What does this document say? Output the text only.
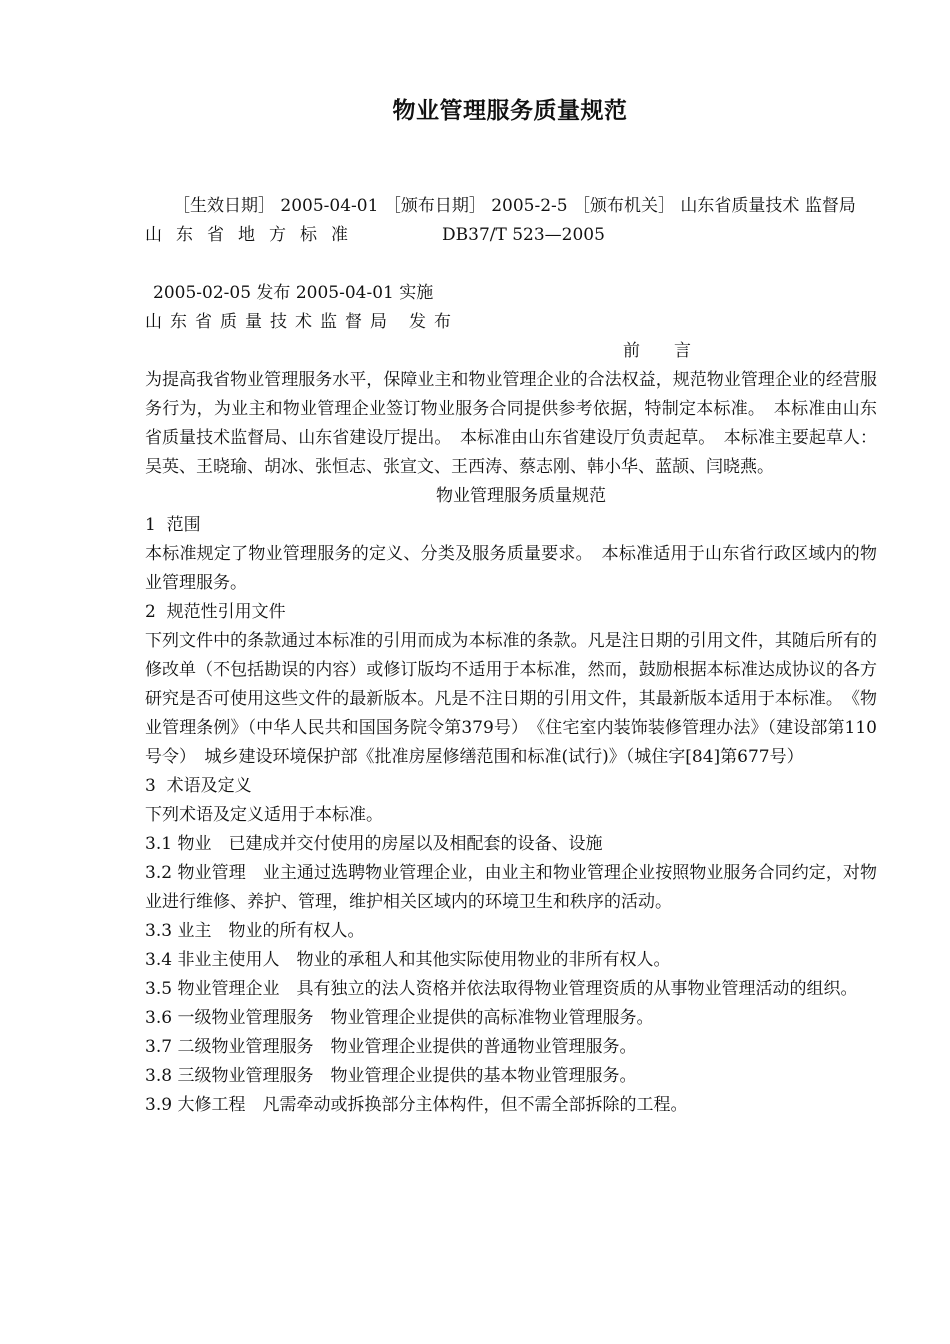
物业管理服务质量规范
［生效日期］ 2005-04-01 ［颁布日期］ 2005-2-5 ［颁布机关］ 山东省质量技术 监督局
山东省地方标准	DB37/T 523—2005
2005-02-05 发布 2005-04-01 实施
山东省质量技术监督局 发布
前　　言
为提高我省物业管理服务水平，保障业主和物业管理企业的合法权益，规范物业管理企业的经营服务行为，为业主和物业管理企业签订物业服务合同提供参考依据，特制定本标准。　本标准由山东省质量技术监督局、山东省建设厅提出。　本标准由山东省建设厅负责起草。　本标准主要起草人：吴英、王晓瑜、胡冰、张恒志、张宣文、王西涛、蔡志刚、韩小华、蓝颉、闫晓燕。
物业管理服务质量规范
1  范围
本标准规定了物业管理服务的定义、分类及服务质量要求。　本标准适用于山东省行政区域内的物业管理服务。
2  规范性引用文件
下列文件中的条款通过本标准的引用而成为本标准的条款。凡是注日期的引用文件，其随后所有的修改单（不包括勘误的内容）或修订版均不适用于本标准，然而，鼓励根据本标准达成协议的各方研究是否可使用这些文件的最新版本。凡是不注日期的引用文件，其最新版本适用于本标准。　《物业管理条例》（中华人民共和国国务院令第379号）　《住宅室内装饰装修管理办法》（建设部第110号令）　城乡建设环境保护部《批准房屋修缮范围和标准(试行)》（城住字[84]第677号）
3  术语及定义
下列术语及定义适用于本标准。
3.1 物业　已建成并交付使用的房屋以及相配套的设备、设施
3.2 物业管理　业主通过选聘物业管理企业，由业主和物业管理企业按照物业服务合同约定，对物业进行维修、养护、管理，维护相关区域内的环境卫生和秩序的活动。
3.3 业主　物业的所有权人。
3.4 非业主使用人　物业的承租人和其他实际使用物业的非所有权人。
3.5 物业管理企业　具有独立的法人资格并依法取得物业管理资质的从事物业管理活动的组织。
3.6 一级物业管理服务　物业管理企业提供的高标准物业管理服务。
3.7 二级物业管理服务　物业管理企业提供的普通物业管理服务。
3.8 三级物业管理服务　物业管理企业提供的基本物业管理服务。
3.9 大修工程　凡需牵动或拆换部分主体构件，但不需全部拆除的工程。
